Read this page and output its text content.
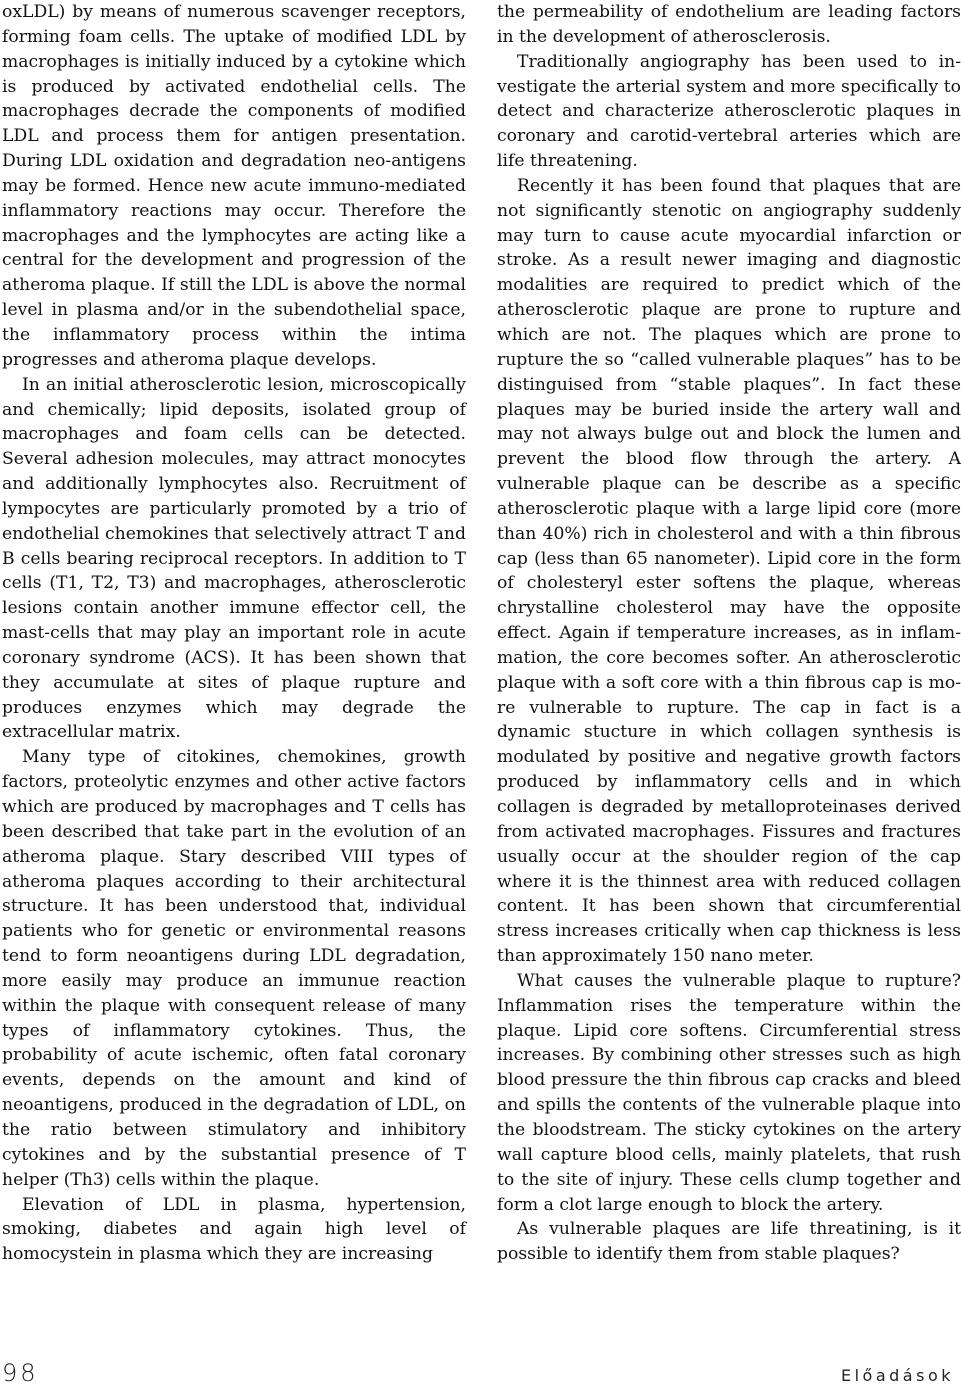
oxLDL) by means of numerous scavenger receptors, forming foam cells. The uptake of modified LDL by macrophages is initially induced by a cytokine which is produced by activated endothelial cells. The macrophages decrade the components of modified LDL and process them for antigen presentation. During LDL oxidation and degradation neo-antigens may be formed. Hence new acute immuno-mediated inflammatory reactions may occur. Therefore the macrophages and the lymphocytes are acting like a central for the development and progression of the atheroma plaque. If still the LDL is above the normal level in plasma and/or in the subendothelial space, the inflammatory process within the intima progresses and atheroma plaque develops.

In an initial atherosclerotic lesion, microscopically and chemically; lipid deposits, isolated group of macrophages and foam cells can be detected. Several adhesion molecules, may attract monocytes and additionally lymphocytes also. Recruitment of lympocytes are particularly promoted by a trio of endothelial chemokines that selectively attract T and B cells bearing reciprocal receptors. In addition to T cells (T1, T2, T3) and macrophages, atherosclerotic lesions contain another immune effector cell, the mast-cells that may play an important role in acute coronary syndrome (ACS). It has been shown that they accumulate at sites of plaque rupture and produces enzymes which may degrade the extracellular matrix.

Many type of citokines, chemokines, growth factors, proteolytic enzymes and other active factors which are produced by macrophages and T cells has been described that take part in the evolution of an atheroma plaque. Stary described VIII types of atheroma plaques according to their architectural structure. It has been understood that, individual patients who for genetic or environmental reasons tend to form neoantigens during LDL degradation, more easily may produce an immunue reaction within the plaque with consequent release of many types of inflammatory cytokines. Thus, the probability of acute ischemic, often fatal coronary events, depends on the amount and kind of neoantigens, produced in the degradation of LDL, on the ratio between stimulatory and inhibitory cytokines and by the substantial presence of T helper (Th3) cells within the plaque.

Elevation of LDL in plasma, hypertension, smoking, diabetes and again high level of homocystein in plasma which they are increasing

the permeability of endothelium are leading factors in the development of atherosclerosis.

Traditionally angiography has been used to investigate the arterial system and more specifically to detect and characterize atherosclerotic plaques in coronary and carotid-vertebral arteries which are life threatening.

Recently it has been found that plaques that are not significantly stenotic on angiography suddenly may turn to cause acute myocardial infarction or stroke. As a result newer imaging and diagnostic modalities are required to predict which of the atherosclerotic plaque are prone to rupture and which are not. The plaques which are prone to rupture the so “called vulnerable plaques” has to be distinguised from “stable plaques”. In fact these plaques may be buried inside the artery wall and may not always bulge out and block the lumen and prevent the blood flow through the artery. A vulnerable plaque can be describe as a specific atherosclerotic plaque with a large lipid core (more than 40%) rich in cholesterol and with a thin fibrous cap (less than 65 nanometer). Lipid core in the form of cholesteryl ester softens the plaque, whereas chrystalline cholesterol may have the opposite effect. Again if temperature increases, as in inflammation, the core becomes softer. An atherosclerotic plaque with a soft core with a thin fibrous cap is more vulnerable to rupture. The cap in fact is a dynamic stucture in which collagen synthesis is modulated by positive and negative growth factors produced by inflammatory cells and in which collagen is degraded by metalloproteinases derived from activated macrophages. Fissures and fractures usually occur at the shoulder region of the cap where it is the thinnest area with reduced collagen content. It has been shown that circumferential stress increases critically when cap thickness is less than approximately 150 nano meter.

What causes the vulnerable plaque to rupture? Inflammation rises the temperature within the plaque. Lipid core softens. Circumferential stress increases. By combining other stresses such as high blood pressure the thin fibrous cap cracks and bleed and spills the contents of the vulnerable plaque into the bloodstream. The sticky cytokines on the artery wall capture blood cells, mainly platelets, that rush to the site of injury. These cells clump together and form a clot large enough to block the artery.

As vulnerable plaques are life threatining, is it possible to identify them from stable plaques?

98	Előadások
